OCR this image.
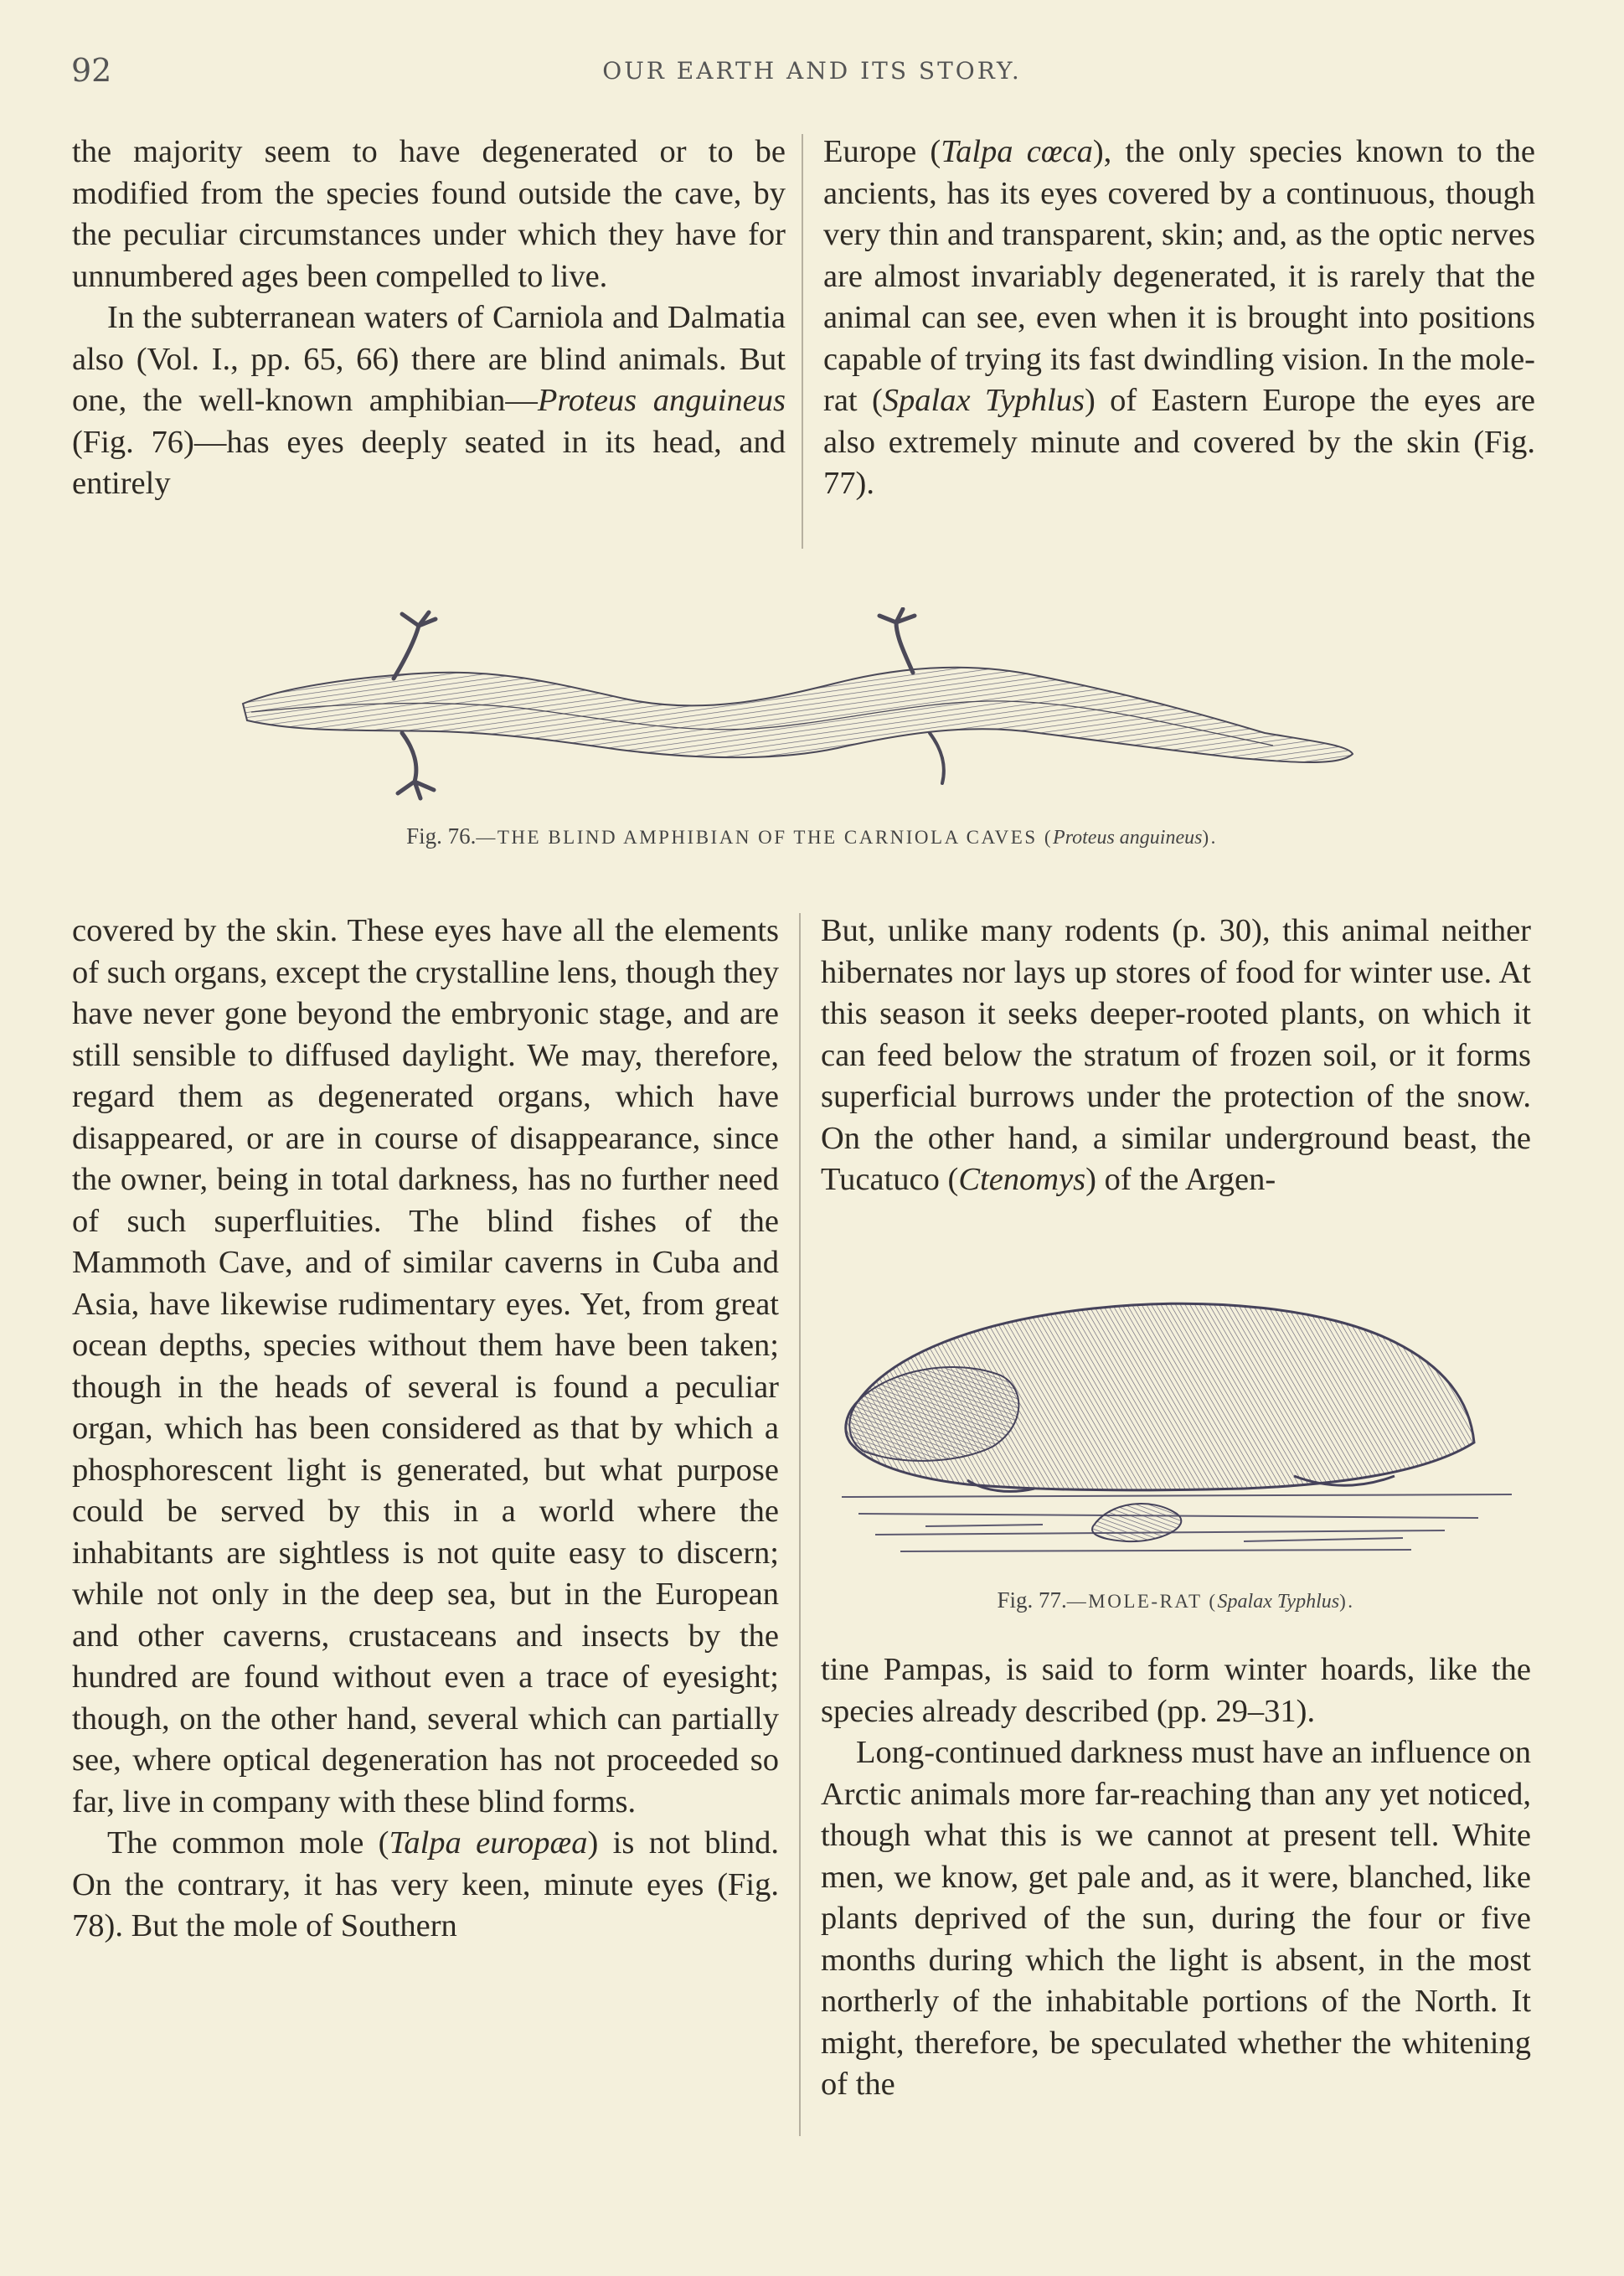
92	OUR EARTH AND ITS STORY.

the majority seem to have degenerated or to be modified from the species found outside the cave, by the peculiar circumstances under which they have for unnumbered ages been compelled to live.

In the subterranean waters of Carniola and Dalmatia also (Vol. I., pp. 65, 66) there are blind animals. But one, the well-known amphibian—Proteus anguineus (Fig. 76)—has eyes deeply seated in its head, and entirely

Europe (Talpa cœca), the only species known to the ancients, has its eyes covered by a continuous, though very thin and transparent, skin; and, as the optic nerves are almost invariably degenerated, it is rarely that the animal can see, even when it is brought into positions capable of trying its fast dwindling vision. In the mole-rat (Spalax Typhlus) of Eastern Europe the eyes are also extremely minute and covered by the skin (Fig. 77).

Fig. 76.—THE BLIND AMPHIBIAN OF THE CARNIOLA CAVES (Proteus anguineus).

covered by the skin. These eyes have all the elements of such organs, except the crystalline lens, though they have never gone beyond the embryonic stage, and are still sensible to diffused daylight. We may, therefore, regard them as degenerated organs, which have disappeared, or are in course of disappearance, since the owner, being in total darkness, has no further need of such superfluities. The blind fishes of the Mammoth Cave, and of similar caverns in Cuba and Asia, have likewise rudimentary eyes. Yet, from great ocean depths, species without them have been taken; though in the heads of several is found a peculiar organ, which has been considered as that by which a phosphorescent light is generated, but what purpose could be served by this in a world where the inhabitants are sightless is not quite easy to discern; while not only in the deep sea, but in the European and other caverns, crustaceans and insects by the hundred are found without even a trace of eyesight; though, on the other hand, several which can partially see, where optical degeneration has not proceeded so far, live in company with these blind forms.

The common mole (Talpa europæa) is not blind. On the contrary, it has very keen, minute eyes (Fig. 78). But the mole of Southern

But, unlike many rodents (p. 30), this animal neither hibernates nor lays up stores of food for winter use. At this season it seeks deeper-rooted plants, on which it can feed below the stratum of frozen soil, or it forms superficial burrows under the protection of the snow. On the other hand, a similar underground beast, the Tucatuco (Ctenomys) of the Argen-

Fig. 77.—MOLE-RAT (Spalax Typhlus).

tine Pampas, is said to form winter hoards, like the species already described (pp. 29–31).

Long-continued darkness must have an influence on Arctic animals more far-reaching than any yet noticed, though what this is we cannot at present tell. White men, we know, get pale and, as it were, blanched, like plants deprived of the sun, during the four or five months during which the light is absent, in the most northerly of the inhabitable portions of the North. It might, therefore, be speculated whether the whitening of the
